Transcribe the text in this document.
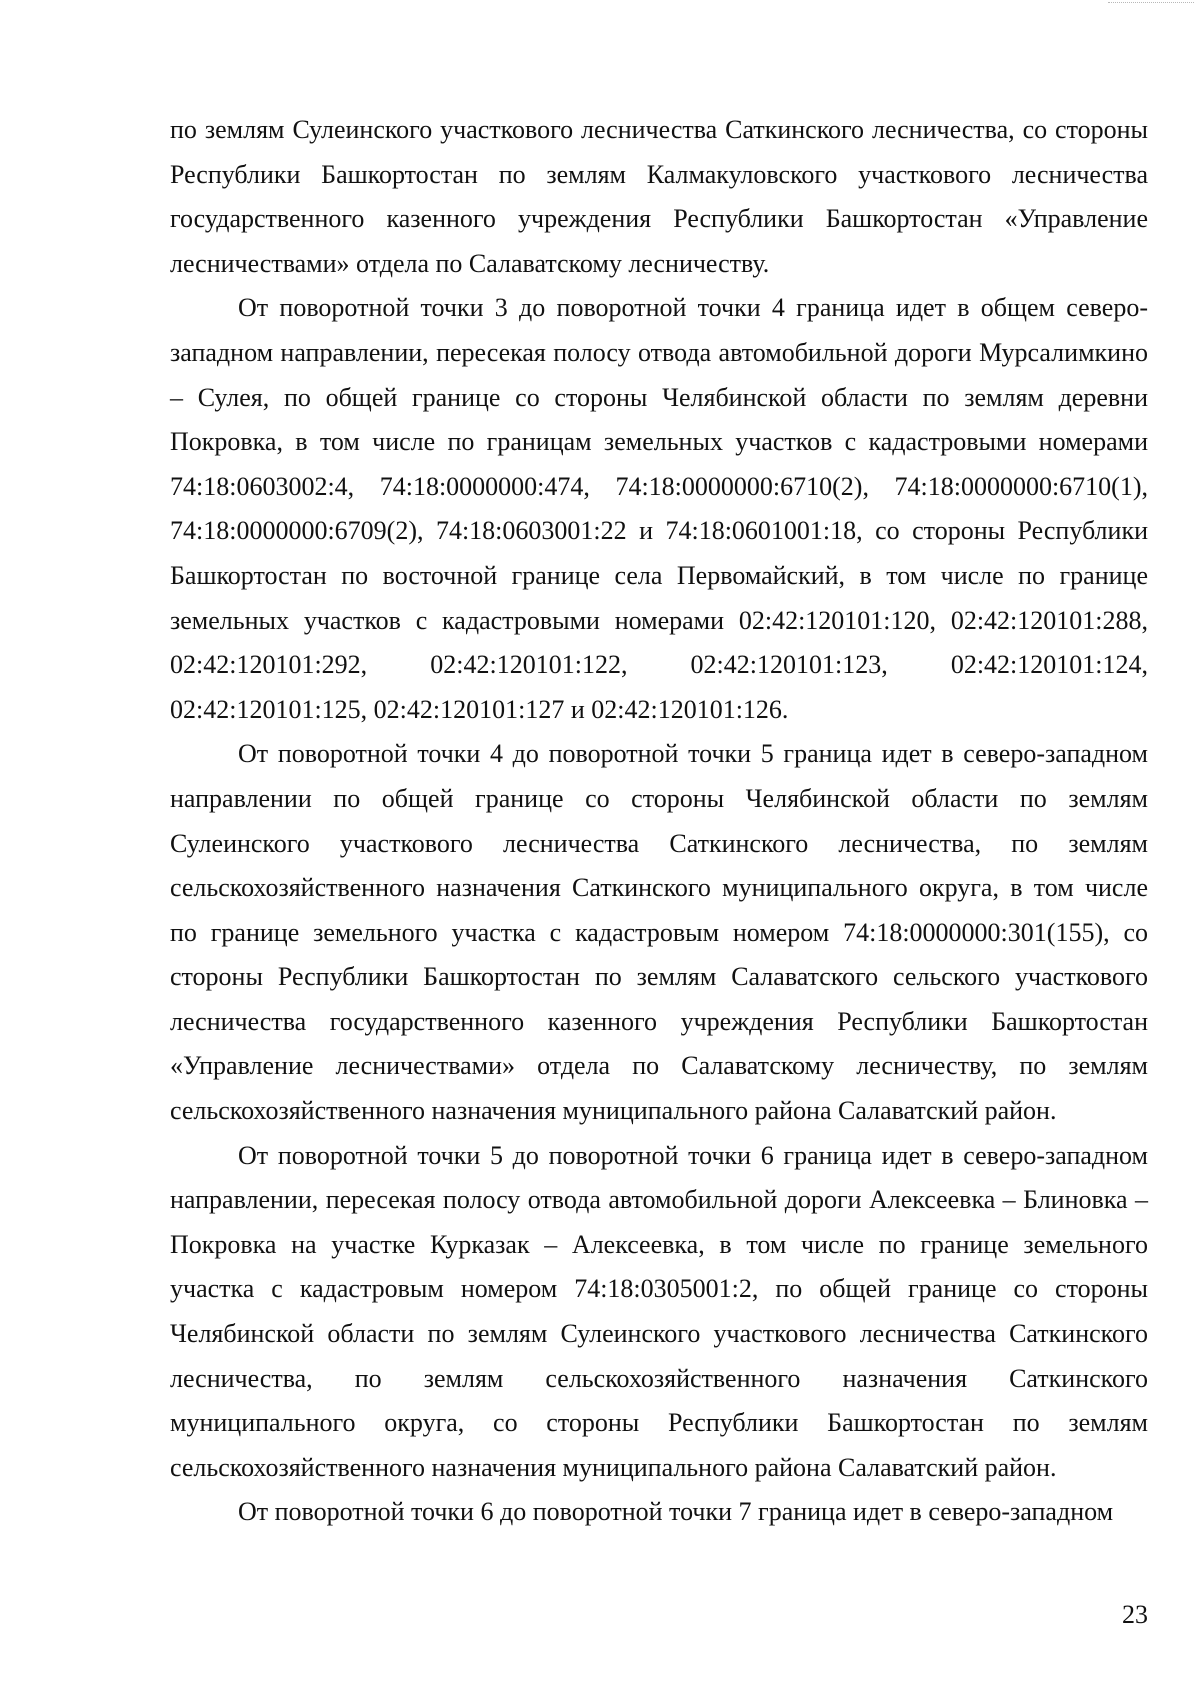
по землям Сулеинского участкового лесничества Саткинского лесничества, со стороны Республики Башкортостан по землям Калмакуловского участкового лесничества государственного казенного учреждения Республики Башкортостан «Управление лесничествами» отдела по Салаватскому лесничеству.

От поворотной точки 3 до поворотной точки 4 граница идет в общем северо-западном направлении, пересекая полосу отвода автомобильной дороги Мурсалимкино – Сулея, по общей границе со стороны Челябинской области по землям деревни Покровка, в том числе по границам земельных участков с кадастровыми номерами 74:18:0603002:4, 74:18:0000000:474, 74:18:0000000:6710(2), 74:18:0000000:6710(1), 74:18:0000000:6709(2), 74:18:0603001:22 и 74:18:0601001:18, со стороны Республики Башкортостан по восточной границе села Первомайский, в том числе по границе земельных участков с кадастровыми номерами 02:42:120101:120, 02:42:120101:288, 02:42:120101:292, 02:42:120101:122, 02:42:120101:123, 02:42:120101:124, 02:42:120101:125, 02:42:120101:127 и 02:42:120101:126.

От поворотной точки 4 до поворотной точки 5 граница идет в северо-западном направлении по общей границе со стороны Челябинской области по землям Сулеинского участкового лесничества Саткинского лесничества, по землям сельскохозяйственного назначения Саткинского муниципального округа, в том числе по границе земельного участка с кадастровым номером 74:18:0000000:301(155), со стороны Республики Башкортостан по землям Салаватского сельского участкового лесничества государственного казенного учреждения Республики Башкортостан «Управление лесничествами» отдела по Салаватскому лесничеству, по землям сельскохозяйственного назначения муниципального района Салаватский район.

От поворотной точки 5 до поворотной точки 6 граница идет в северо-западном направлении, пересекая полосу отвода автомобильной дороги Алексеевка – Блиновка – Покровка на участке Курказак – Алексеевка, в том числе по границе земельного участка с кадастровым номером 74:18:0305001:2, по общей границе со стороны Челябинской области по землям Сулеинского участкового лесничества Саткинского лесничества, по землям сельскохозяйственного назначения Саткинского муниципального округа, со стороны Республики Башкортостан по землям сельскохозяйственного назначения муниципального района Салаватский район.

От поворотной точки 6 до поворотной точки 7 граница идет в северо-западном

23
